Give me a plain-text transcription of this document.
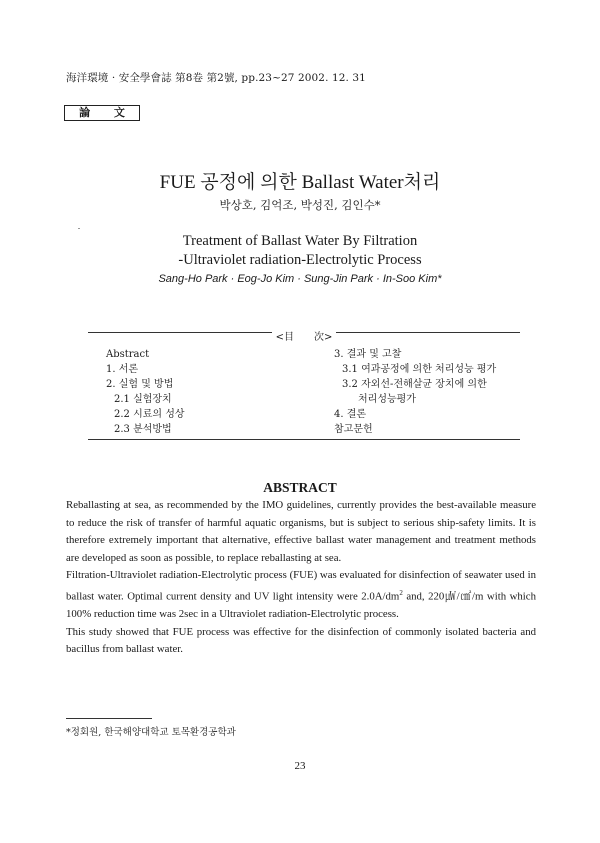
海洋環境 · 安全學會誌 第8卷 第2號, pp.23~27 2002. 12. 31
論 文
FUE 공정에 의한 Ballast Water처리
박상호, 김억조, 박성진, 김인수*
Treatment of Ballast Water By Filtration
-Ultraviolet radiation-Electrolytic Process
Sang-Ho Park · Eog-Jo Kim · Sung-Jin Park · In-Soo Kim*
<目　　次>
Abstract
1. 서론
2. 실험 및 방법
2.1 실험장치
2.2 시료의 성상
2.3 분석방법
3. 결과 및 고찰
3.1 여과공정에 의한 처리성능 평가
3.2 자외선-전해살균 장치에 의한
처리성능평가
4. 결론
참고문헌
ABSTRACT

Reballasting at sea, as recommended by the IMO guidelines, currently provides the best-available measure to reduce the risk of transfer of harmful aquatic organisms, but is subject to serious ship-safety limits. It is therefore extremely important that alternative, effective ballast water management and treatment methods are developed as soon as possible, to replace reballasting at sea.

Filtration-Ultraviolet radiation-Electrolytic process (FUE) was evaluated for disinfection of seawater used in ballast water. Optimal current density and UV light intensity were $2.0A/dm^2$ and, 220㎼/㎠/m with which 100% reduction time was 2sec in a Ultraviolet radiation-Electrolytic process.

This study showed that FUE process was effective for the disinfection of commonly isolated bacteria and bacillus from ballast water.

*정회원, 한국해양대학교 토목환경공학과
23
